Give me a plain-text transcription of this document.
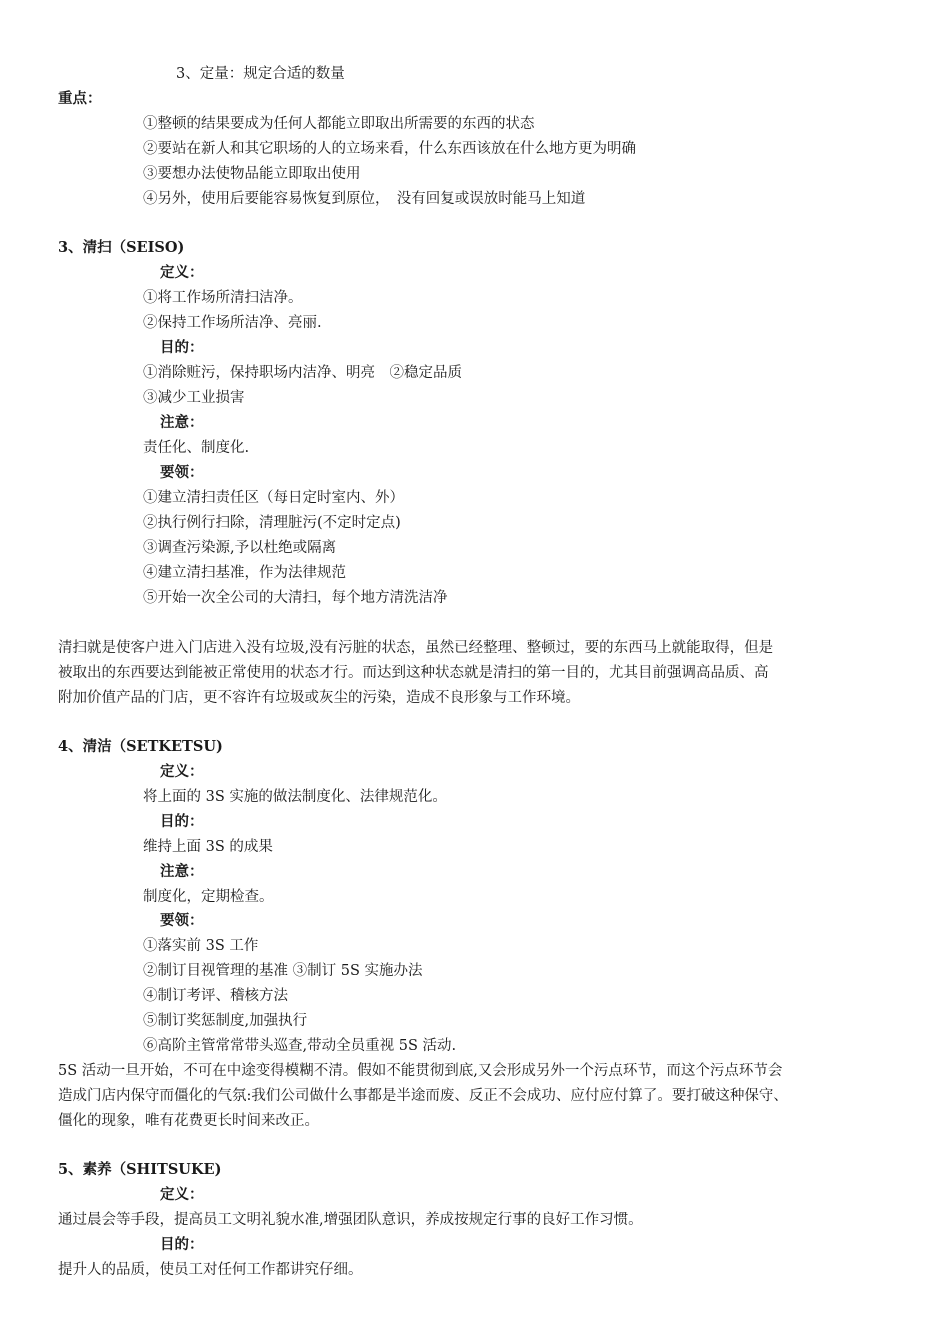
3、定量：规定合适的数量
重点：
①整顿的结果要成为任何人都能立即取出所需要的东西的状态
②要站在新人和其它职场的人的立场来看，什么东西该放在什么地方更为明确
③要想办法使物品能立即取出使用
④另外，使用后要能容易恢复到原位，　没有回复或误放时能马上知道
3、清扫（SEISO)
定义：
①将工作场所清扫洁净。
②保持工作场所洁净、亮丽.
目的：
①消除赃污，保持职场内洁净、明亮　②稳定品质
③减少工业损害
注意：
责任化、制度化.
要领：
①建立清扫责任区（每日定时室内、外）
②执行例行扫除，清理脏污(不定时定点)
③调查污染源,予以杜绝或隔离
④建立清扫基准，作为法律规范
⑤开始一次全公司的大清扫，每个地方清洗洁净
清扫就是使客户进入门店进入没有垃圾,没有污脏的状态，虽然已经整理、整顿过，要的东西马上就能取得，但是
被取出的东西要达到能被正常使用的状态才行。而达到这种状态就是清扫的第一目的，尤其目前强调高品质、高
附加价值产品的门店，更不容许有垃圾或灰尘的污染，造成不良形象与工作环境。
4、清洁（SETKETSU)
定义：
将上面的 3S 实施的做法制度化、法律规范化。
目的：
维持上面 3S 的成果
注意：
制度化，定期检查。
要领：
①落实前 3S 工作
②制订目视管理的基准 ③制订 5S 实施办法
④制订考评、稽核方法
⑤制订奖惩制度,加强执行
⑥高阶主管常常带头巡查,带动全员重视 5S 活动.
5S 活动一旦开始，不可在中途变得模糊不清。假如不能贯彻到底,又会形成另外一个污点环节，而这个污点环节会
造成门店内保守而僵化的气氛:我们公司做什么事都是半途而废、反正不会成功、应付应付算了。要打破这种保守、
僵化的现象，唯有花费更长时间来改正。
5、素养（SHITSUKE)
定义：
通过晨会等手段，提高员工文明礼貌水准,增强团队意识，养成按规定行事的良好工作习惯。
目的：
提升人的品质，使员工对任何工作都讲究仔细。
